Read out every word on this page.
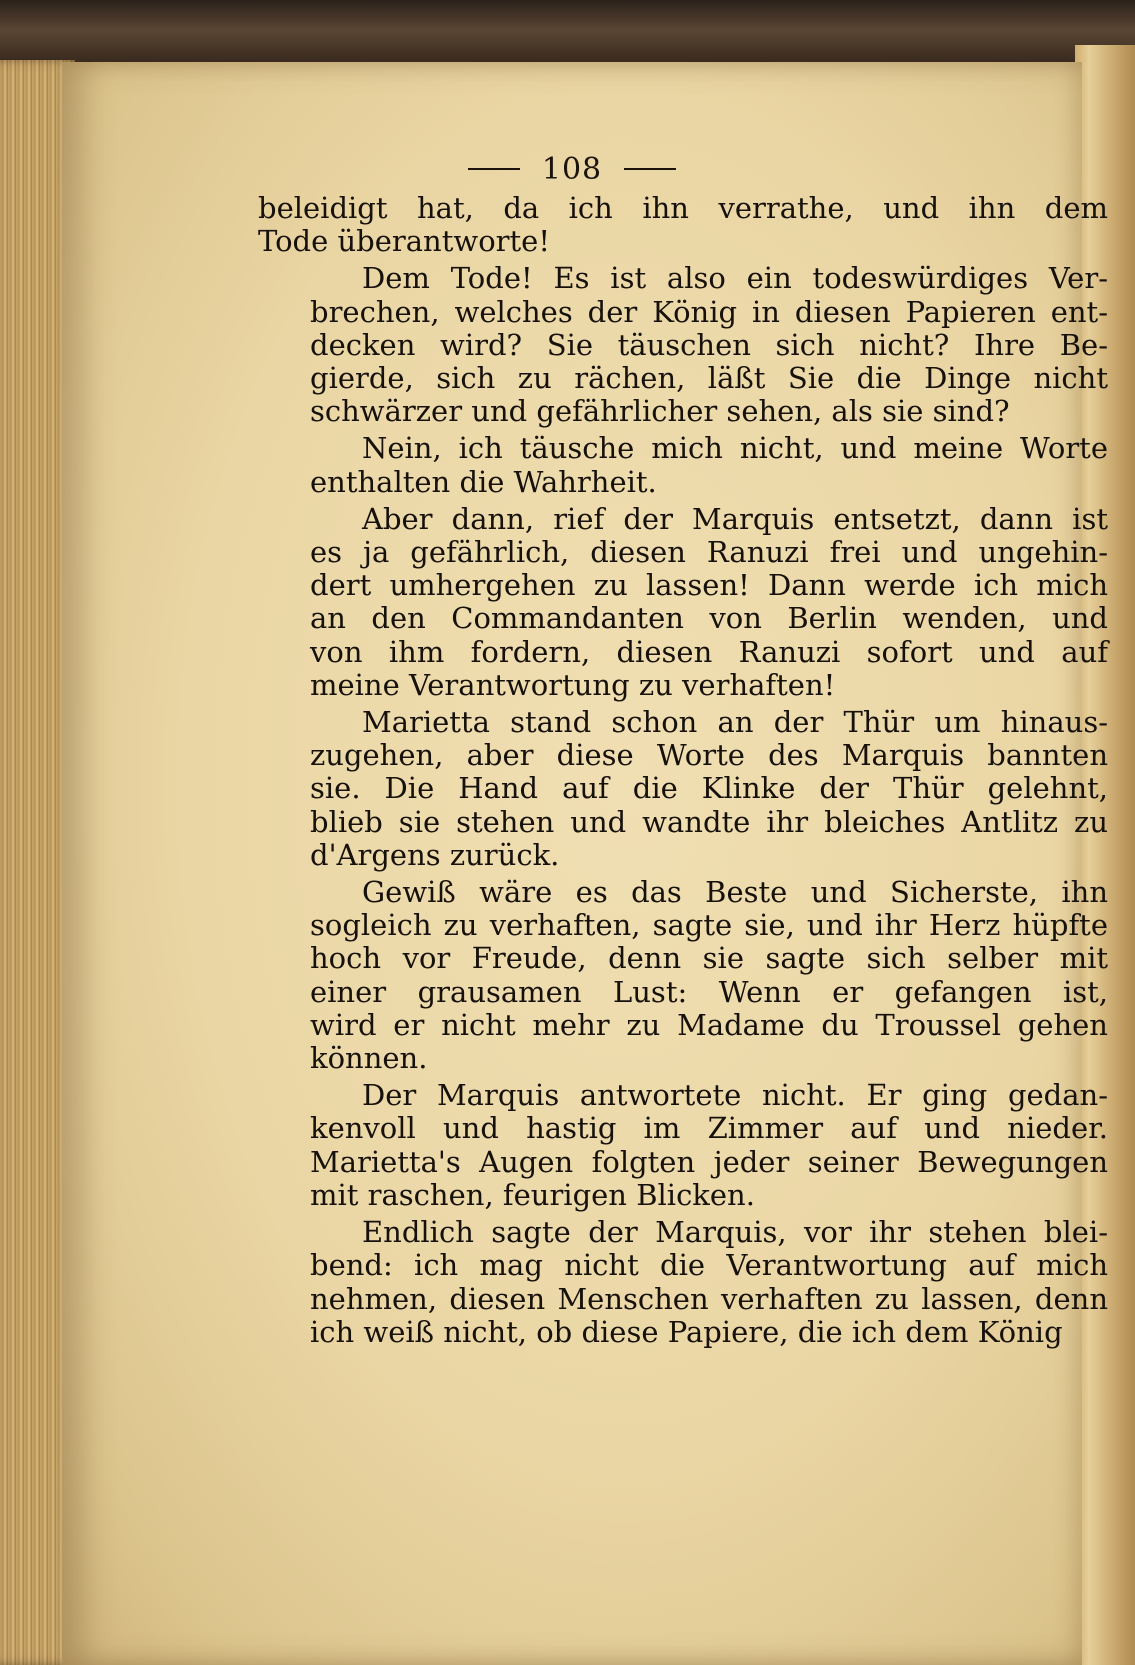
108
beleidigt hat, da ich ihn verrathe, und ihn dem
Tode überantworte!
Dem Tode! Es ist also ein todeswürdiges Ver-
brechen, welches der König in diesen Papieren ent-
decken wird? Sie täuschen sich nicht? Ihre Be-
gierde, sich zu rächen, läßt Sie die Dinge nicht
schwärzer und gefährlicher sehen, als sie sind?
Nein, ich täusche mich nicht, und meine Worte
enthalten die Wahrheit.
Aber dann, rief der Marquis entsetzt, dann ist
es ja gefährlich, diesen Ranuzi frei und ungehin-
dert umhergehen zu lassen! Dann werde ich mich
an den Commandanten von Berlin wenden, und
von ihm fordern, diesen Ranuzi sofort und auf
meine Verantwortung zu verhaften!
Marietta stand schon an der Thür um hinaus-
zugehen, aber diese Worte des Marquis bannten
sie. Die Hand auf die Klinke der Thür gelehnt,
blieb sie stehen und wandte ihr bleiches Antlitz zu
d'Argens zurück.
Gewiß wäre es das Beste und Sicherste, ihn
sogleich zu verhaften, sagte sie, und ihr Herz hüpfte
hoch vor Freude, denn sie sagte sich selber mit
einer grausamen Lust: Wenn er gefangen ist,
wird er nicht mehr zu Madame du Troussel gehen
können.
Der Marquis antwortete nicht. Er ging gedan-
kenvoll und hastig im Zimmer auf und nieder.
Marietta's Augen folgten jeder seiner Bewegungen
mit raschen, feurigen Blicken.
Endlich sagte der Marquis, vor ihr stehen blei-
bend: ich mag nicht die Verantwortung auf mich
nehmen, diesen Menschen verhaften zu lassen, denn
ich weiß nicht, ob diese Papiere, die ich dem König
